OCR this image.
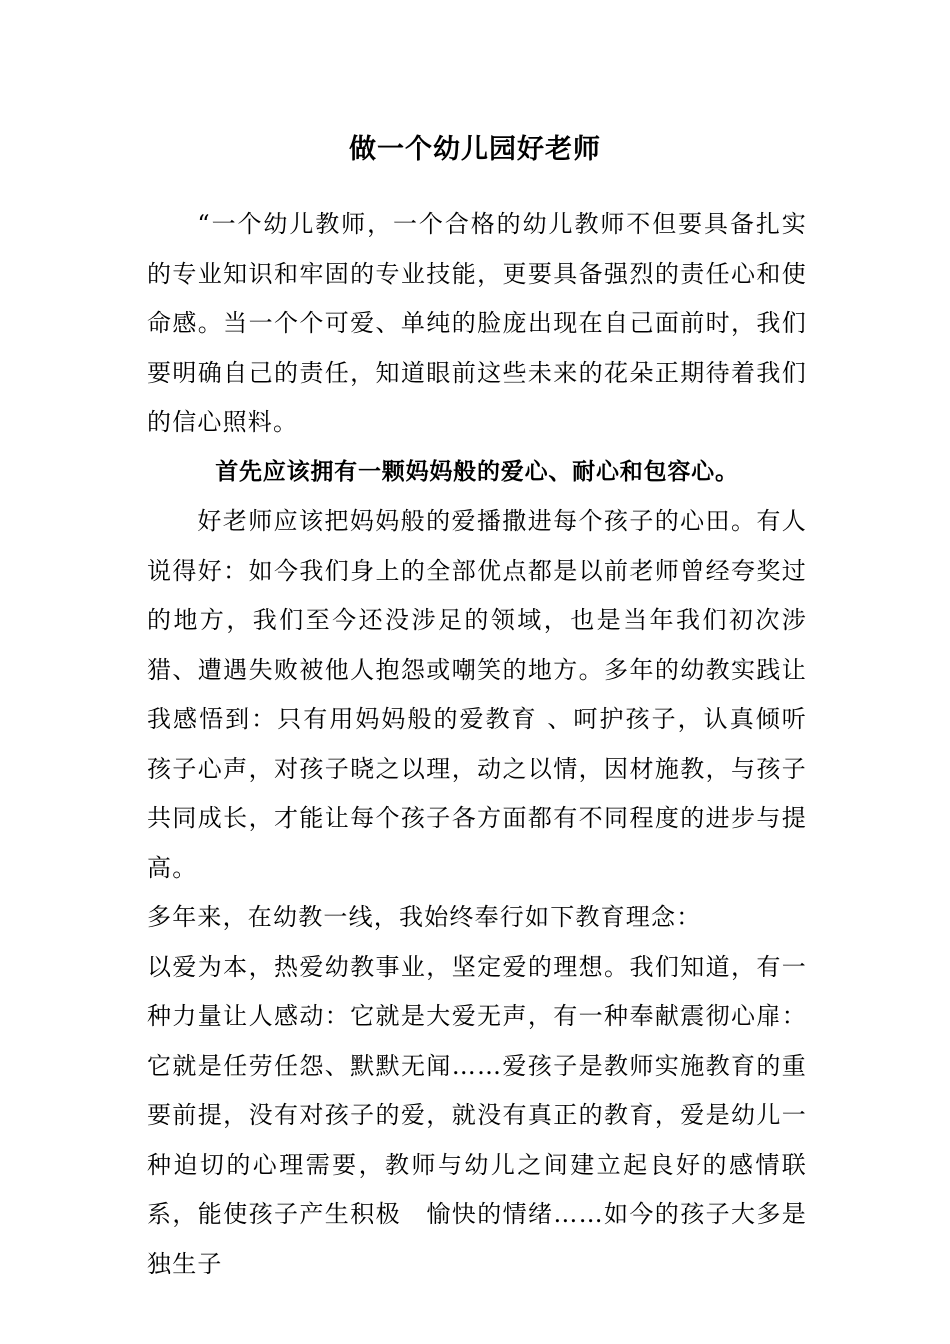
做一个幼儿园好老师

“一个幼儿教师，一个合格的幼儿教师不但要具备扎实的专业知识和牢固的专业技能，更要具备强烈的责任心和使命感。当一个个可爱、单纯的脸庞出现在自己面前时，我们要明确自己的责任，知道眼前这些未来的花朵正期待着我们的信心照料。

首先应该拥有一颗妈妈般的爱心、耐心和包容心。

好老师应该把妈妈般的爱播撒进每个孩子的心田。有人说得好：如今我们身上的全部优点都是以前老师曾经夸奖过的地方，我们至今还没涉足的领域，也是当年我们初次涉猎、遭遇失败被他人抱怨或嘲笑的地方。多年的幼教实践让我感悟到：只有用妈妈般的爱教育 、呵护孩子，认真倾听孩子心声，对孩子晓之以理，动之以情，因材施教，与孩子共同成长，才能让每个孩子各方面都有不同程度的进步与提高。

多年来，在幼教一线，我始终奉行如下教育理念：

以爱为本，热爱幼教事业，坚定爱的理想。我们知道，有一种力量让人感动：它就是大爱无声，有一种奉献震彻心扉：它就是任劳任怨、默默无闻……爱孩子是教师实施教育的重要前提，没有对孩子的爱，就没有真正的教育，爱是幼儿一种迫切的心理需要，教师与幼儿之间建立起良好的感情联系，能使孩子产生积极　愉快的情绪……如今的孩子大多是独生子
